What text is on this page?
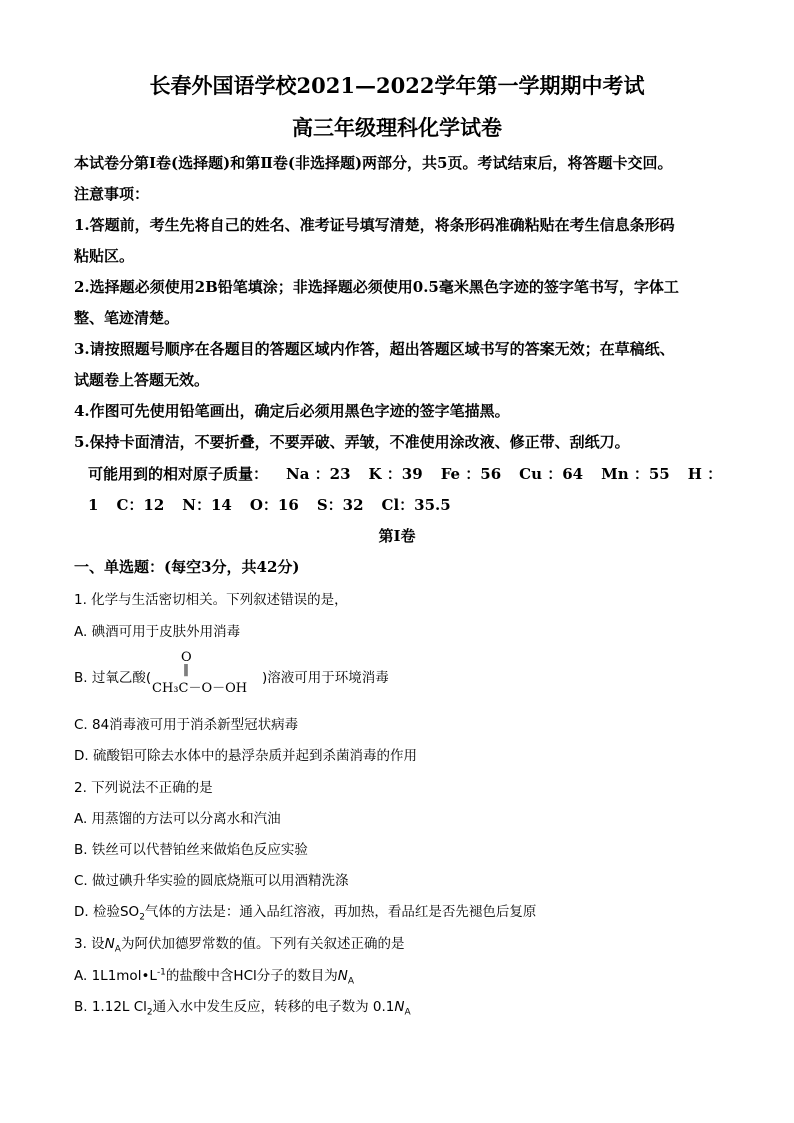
长春外国语学校2021—2022学年第一学期期中考试
高三年级理科化学试卷
本试卷分第Ⅰ卷(选择题)和第Ⅱ卷(非选择题)两部分，共5页。考试结束后，将答题卡交回。
注意事项：
1.答题前，考生先将自己的姓名、准考证号填写清楚，将条形码准确粘贴在考生信息条形码
粘贴区。
2.选择题必须使用2B铅笔填涂；非选择题必须使用0.5毫米黑色字迹的签字笔书写，字体工
整、笔迹清楚。
3.请按照题号顺序在各题目的答题区域内作答，超出答题区域书写的答案无效；在草稿纸、
试题卷上答题无效。
4.作图可先使用铅笔画出，确定后必须用黑色字迹的签字笔描黑。
5.保持卡面清洁，不要折叠，不要弄破、弄皱，不准使用涂改液、修正带、刮纸刀。
可能用到的相对原子质量： Na ：23 K ：39 Fe ：56 Cu ：64 Mn ：55 H ：
1 C：12 N：14 O：16 S：32 Cl：35.5
第Ⅰ卷
一、单选题：(每空3分，共42分)
1. 化学与生活密切相关。下列叙述错误的是，
A. 碘酒可用于皮肤外用消毒
B. 过氧乙酸(
O
‖
CH₃C－O－OH
)溶液可用于环境消毒
C. 84消毒液可用于消杀新型冠状病毒
D. 硫酸铝可除去水体中的悬浮杂质并起到杀菌消毒的作用
2. 下列说法不正确的是
A. 用蒸馏的方法可以分离水和汽油
B. 铁丝可以代替铂丝来做焰色反应实验
C. 做过碘升华实验的圆底烧瓶可以用酒精洗涤
D. 检验$SO_2$气体的方法是：通入品红溶液，再加热，看品红是否先褪色后复原
3. 设$N_A$为阿伏加德罗常数的值。下列有关叙述正确的是
A. $1L1mol•L^{-1}$的盐酸中含HCl分子的数目为$N_A$
B. 1.12L $Cl_2$通入水中发生反应，转移的电子数为 $0.1N_A$
